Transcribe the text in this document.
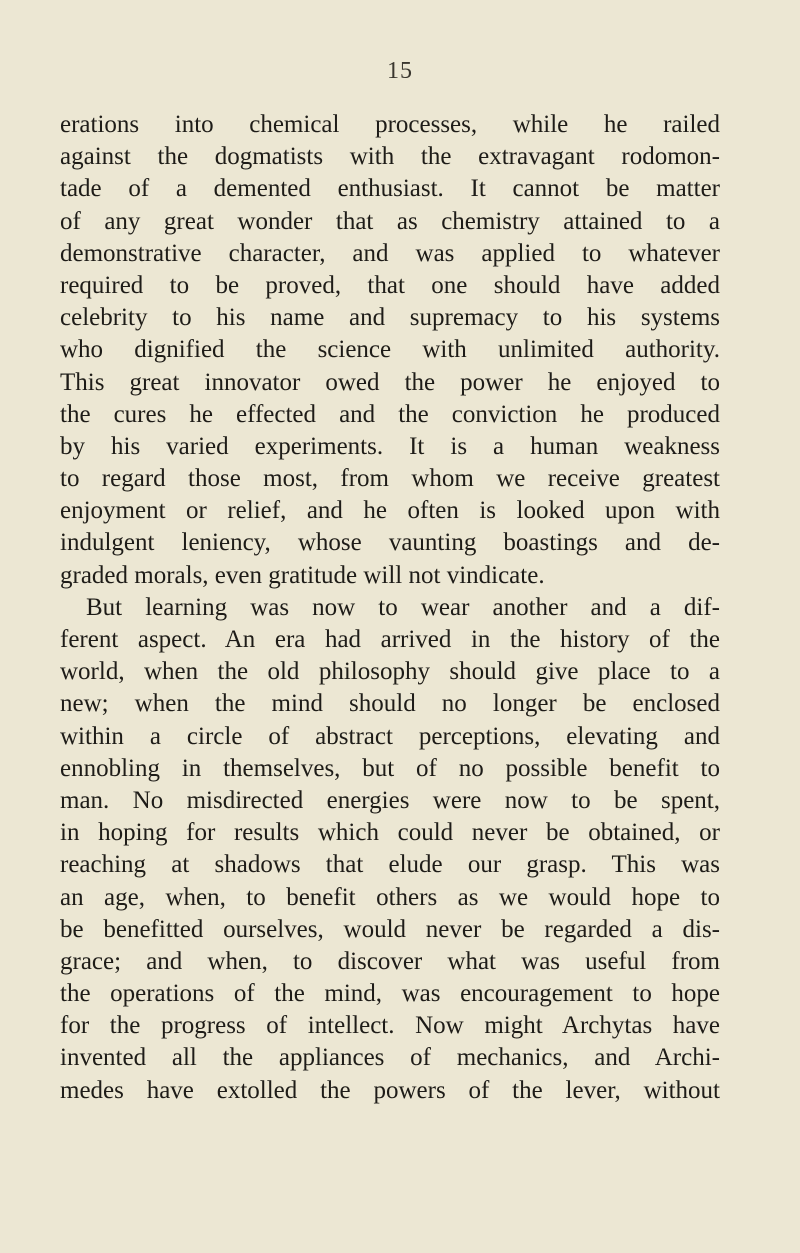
15
erations into chemical processes, while he railed
against the dogmatists with the extravagant rodomon-
tade of a demented enthusiast. It cannot be matter
of any great wonder that as chemistry attained to a
demonstrative character, and was applied to whatever
required to be proved, that one should have added
celebrity to his name and supremacy to his systems
who dignified the science with unlimited authority.
This great innovator owed the power he enjoyed to
the cures he effected and the conviction he produced
by his varied experiments. It is a human weakness
to regard those most, from whom we receive greatest
enjoyment or relief, and he often is looked upon with
indulgent leniency, whose vaunting boastings and de-
graded morals, even gratitude will not vindicate.
But learning was now to wear another and a dif-
ferent aspect. An era had arrived in the history of the
world, when the old philosophy should give place to a
new; when the mind should no longer be enclosed
within a circle of abstract perceptions, elevating and
ennobling in themselves, but of no possible benefit to
man. No misdirected energies were now to be spent,
in hoping for results which could never be obtained, or
reaching at shadows that elude our grasp. This was
an age, when, to benefit others as we would hope to
be benefitted ourselves, would never be regarded a dis-
grace; and when, to discover what was useful from
the operations of the mind, was encouragement to hope
for the progress of intellect. Now might Archytas have
invented all the appliances of mechanics, and Archi-
medes have extolled the powers of the lever, without
